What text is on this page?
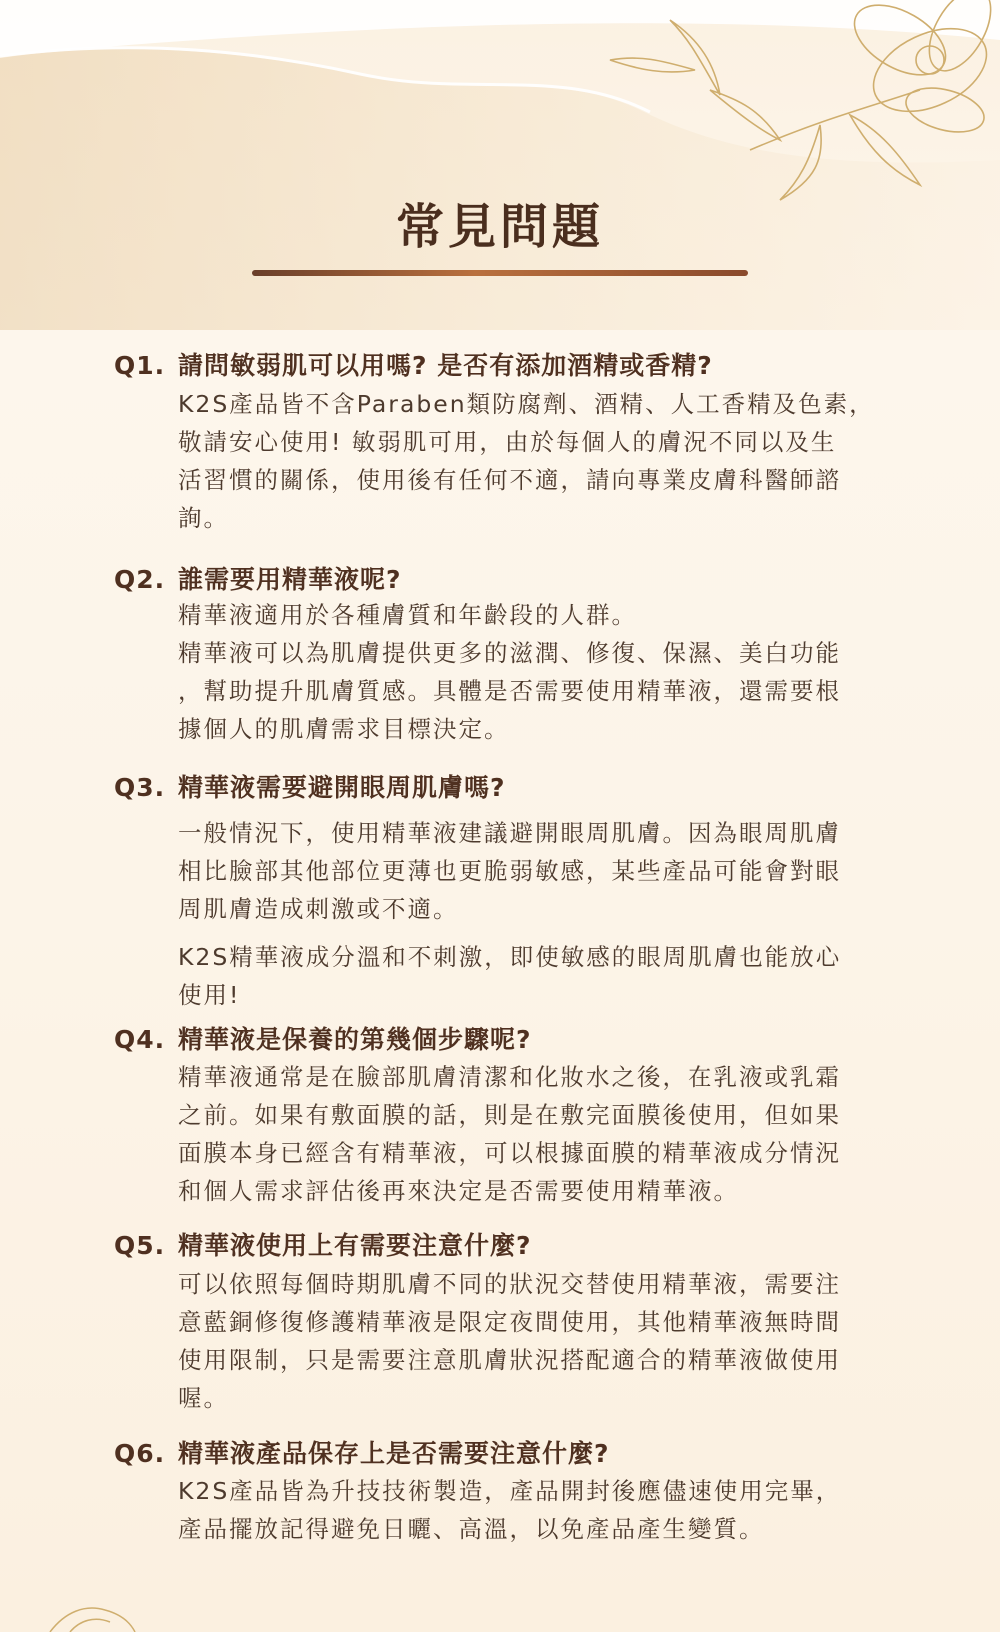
常見問題
Q1. 請問敏弱肌可以用嗎? 是否有添加酒精或香精?

K2S產品皆不含Paraben類防腐劑、酒精、人工香精及色素，

敬請安心使用! 敏弱肌可用，由於每個人的膚況不同以及生

活習慣的關係，使用後有任何不適，請向專業皮膚科醫師諮

詢。

Q2. 誰需要用精華液呢?

精華液適用於各種膚質和年齡段的人群。

精華液可以為肌膚提供更多的滋潤、修復、保濕、美白功能

，幫助提升肌膚質感。具體是否需要使用精華液，還需要根

據個人的肌膚需求目標決定。

Q3. 精華液需要避開眼周肌膚嗎?

一般情況下，使用精華液建議避開眼周肌膚。因為眼周肌膚

相比臉部其他部位更薄也更脆弱敏感，某些產品可能會對眼

周肌膚造成刺激或不適。

K2S精華液成分溫和不刺激，即使敏感的眼周肌膚也能放心

使用!

Q4. 精華液是保養的第幾個步驟呢?

精華液通常是在臉部肌膚清潔和化妝水之後，在乳液或乳霜

之前。如果有敷面膜的話，則是在敷完面膜後使用，但如果

面膜本身已經含有精華液，可以根據面膜的精華液成分情況

和個人需求評估後再來決定是否需要使用精華液。

Q5. 精華液使用上有需要注意什麼?

可以依照每個時期肌膚不同的狀況交替使用精華液，需要注

意藍銅修復修護精華液是限定夜間使用，其他精華液無時間

使用限制，只是需要注意肌膚狀況搭配適合的精華液做使用

喔。

Q6. 精華液產品保存上是否需要注意什麼?

K2S產品皆為升技技術製造，產品開封後應儘速使用完畢，

產品擺放記得避免日曬、高溫，以免產品產生變質。
